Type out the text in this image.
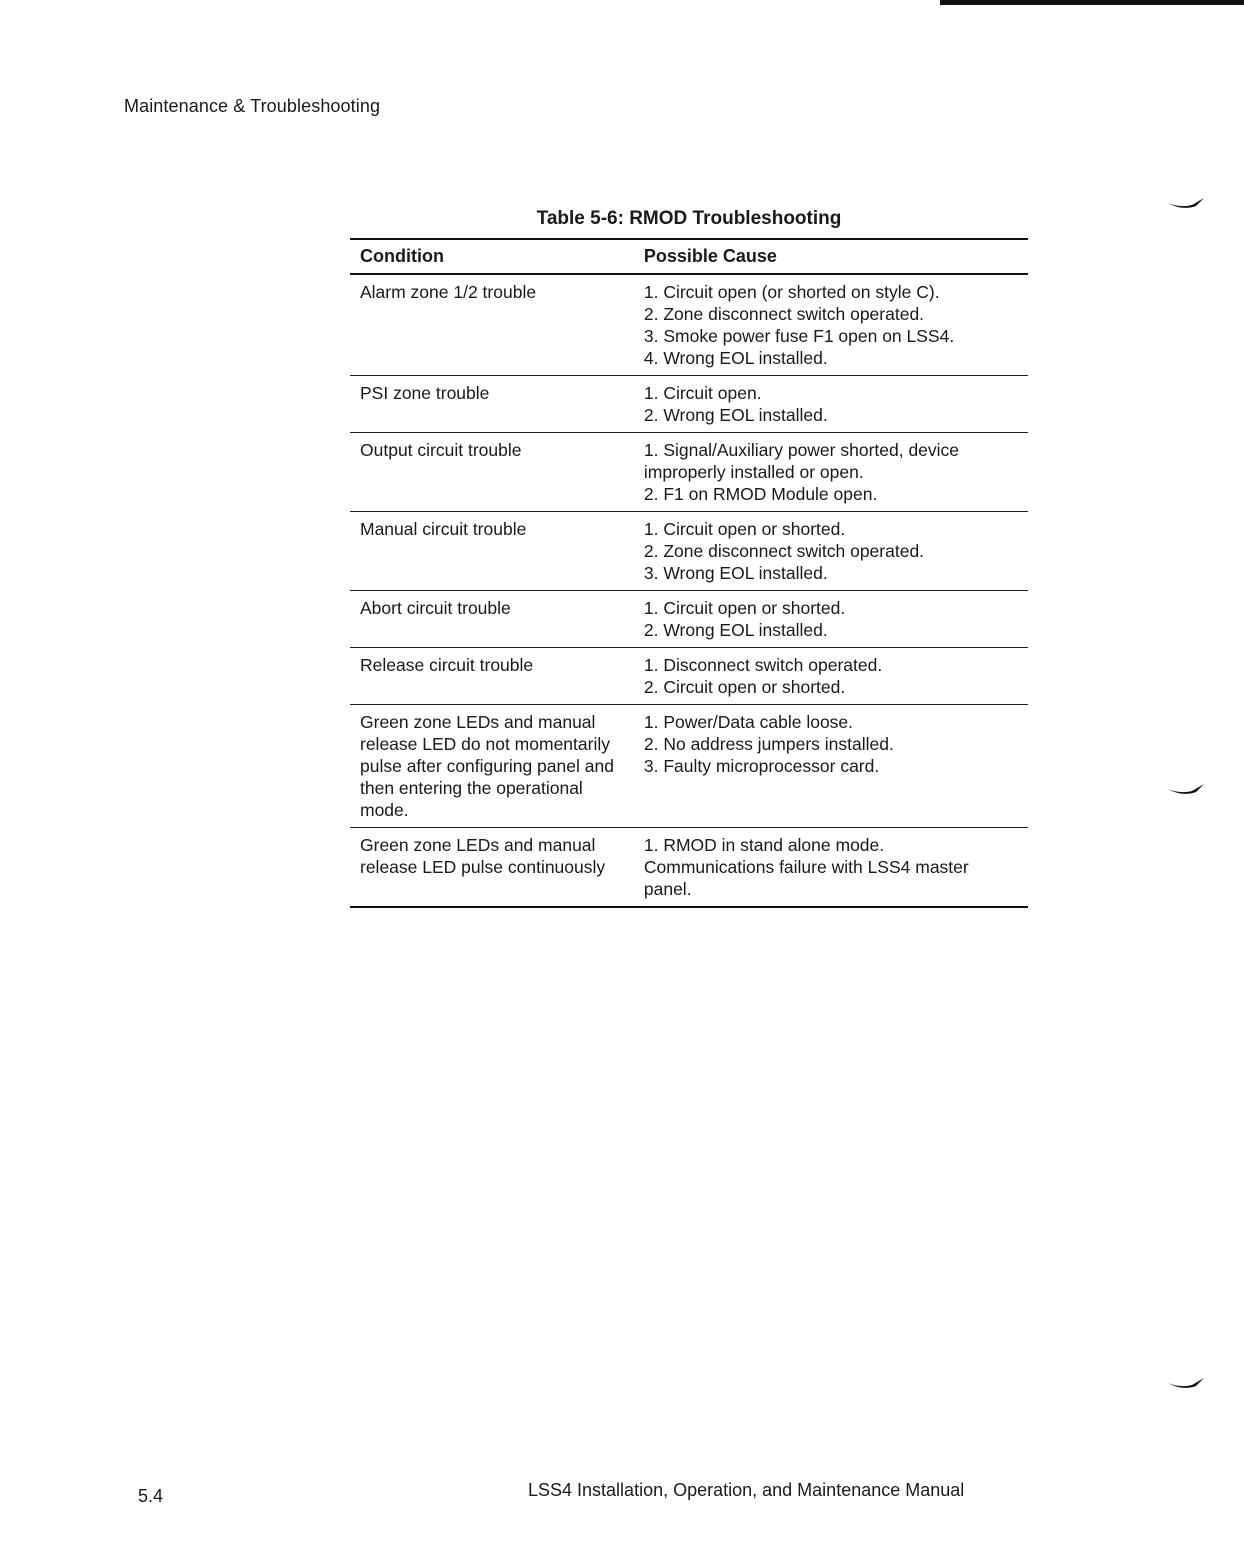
Maintenance & Troubleshooting
Table 5-6: RMOD Troubleshooting
Condition	Possible Cause
Alarm zone 1/2 trouble	1. Circuit open (or shorted on style C).
2. Zone disconnect switch operated.
3. Smoke power fuse F1 open on LSS4.
4. Wrong EOL installed.

PSI zone trouble	1. Circuit open.
2. Wrong EOL installed.

Output circuit trouble	1. Signal/Auxiliary power shorted, device improperly installed or open.
2. F1 on RMOD Module open.

Manual circuit trouble	1. Circuit open or shorted.
2. Zone disconnect switch operated.
3. Wrong EOL installed.

Abort circuit trouble	1. Circuit open or shorted.
2. Wrong EOL installed.

Release circuit trouble	1. Disconnect switch operated.
2. Circuit open or shorted.

Green zone LEDs and manual release LED do not momentarily pulse after configuring panel and then entering the operational mode.	1. Power/Data cable loose.
2. No address jumpers installed.
3. Faulty microprocessor card.

Green zone LEDs and manual release LED pulse continuously	1. RMOD in stand alone mode. Communications failure with LSS4 master panel.
5.4	LSS4 Installation, Operation, and Maintenance Manual
